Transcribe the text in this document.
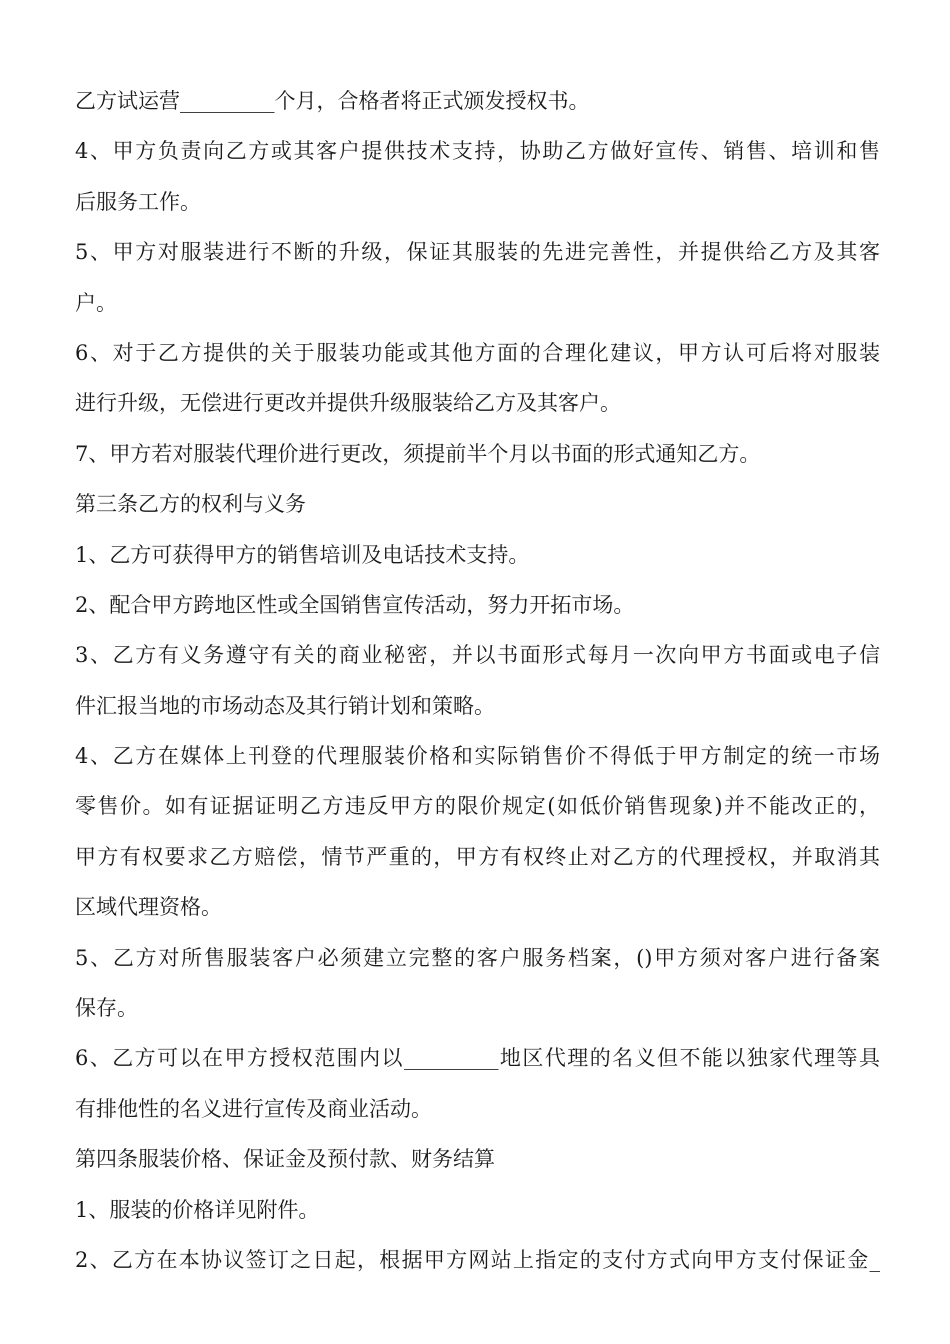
乙方试运营_________个月，合格者将正式颁发授权书。
4、甲方负责向乙方或其客户提供技术支持，协助乙方做好宣传、销售、培训和售
后服务工作。
5、甲方对服装进行不断的升级，保证其服装的先进完善性，并提供给乙方及其客
户。
6、对于乙方提供的关于服装功能或其他方面的合理化建议，甲方认可后将对服装
进行升级，无偿进行更改并提供升级服装给乙方及其客户。
7、甲方若对服装代理价进行更改，须提前半个月以书面的形式通知乙方。
第三条乙方的权利与义务
1、乙方可获得甲方的销售培训及电话技术支持。
2、配合甲方跨地区性或全国销售宣传活动，努力开拓市场。
3、乙方有义务遵守有关的商业秘密，并以书面形式每月一次向甲方书面或电子信
件汇报当地的市场动态及其行销计划和策略。
4、乙方在媒体上刊登的代理服装价格和实际销售价不得低于甲方制定的统一市场
零售价。如有证据证明乙方违反甲方的限价规定(如低价销售现象)并不能改正的，
甲方有权要求乙方赔偿，情节严重的，甲方有权终止对乙方的代理授权，并取消其
区域代理资格。
5、乙方对所售服装客户必须建立完整的客户服务档案，()甲方须对客户进行备案
保存。
6、乙方可以在甲方授权范围内以_________地区代理的名义但不能以独家代理等具
有排他性的名义进行宣传及商业活动。
第四条服装价格、保证金及预付款、财务结算
1、服装的价格详见附件。
2、乙方在本协议签订之日起，根据甲方网站上指定的支付方式向甲方支付保证金_
